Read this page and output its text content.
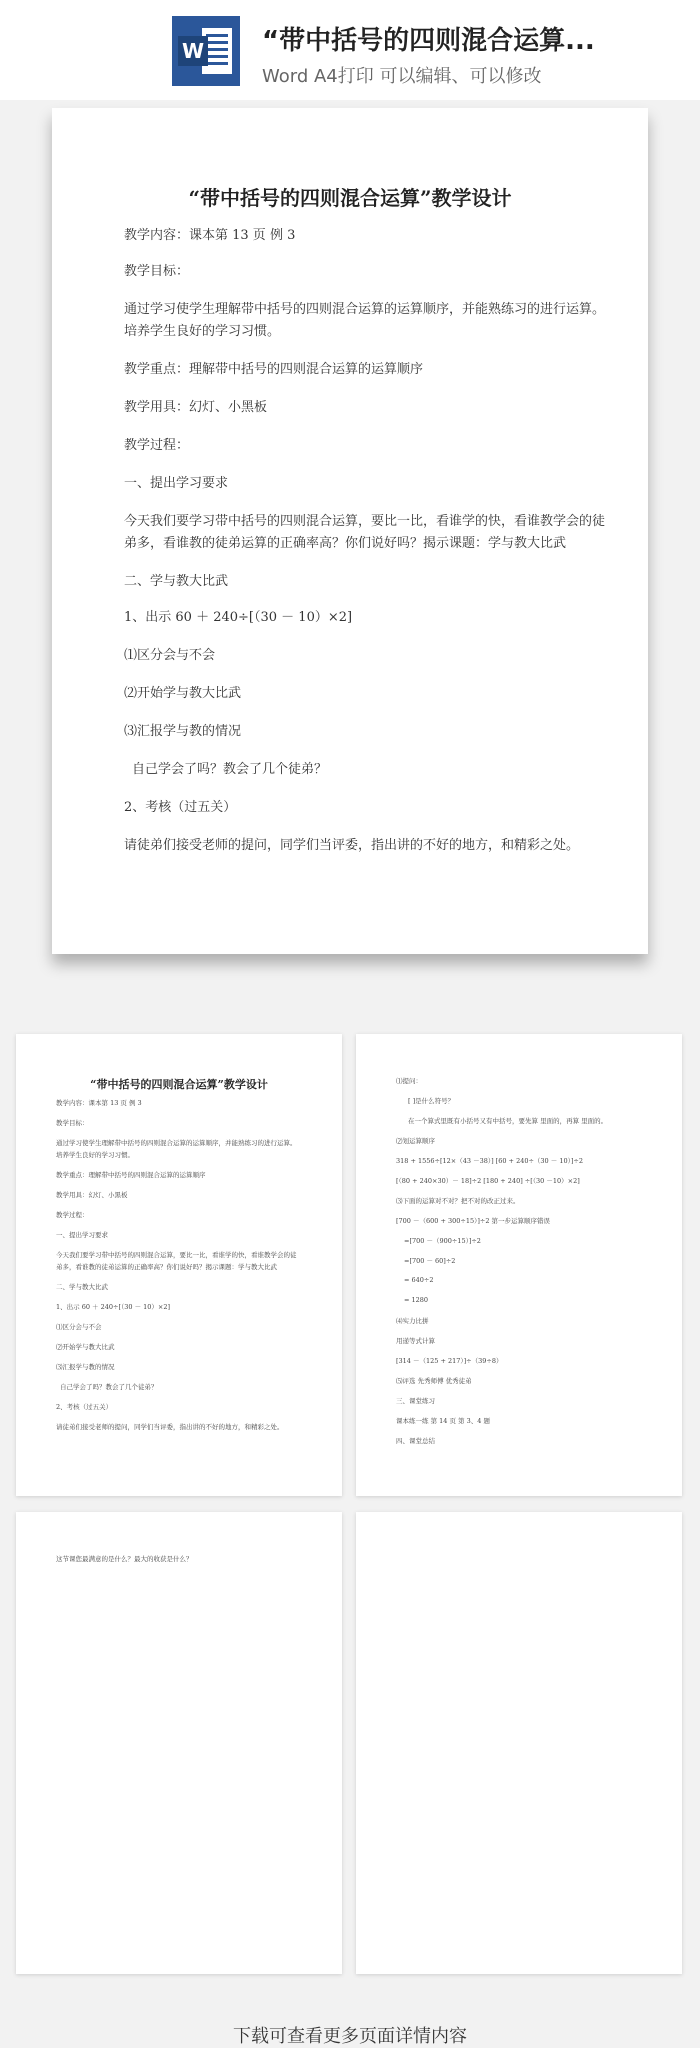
W “带中括号的四则混合运算...
Word A4打印 可以编辑、可以修改
“带中括号的四则混合运算”教学设计

教学内容：课本第 13 页 例 3

教学目标：

通过学习使学生理解带中括号的四则混合运算的运算顺序，并能熟练习的进行运算。

培养学生良好的学习习惯。

教学重点：理解带中括号的四则混合运算的运算顺序

教学用具：幻灯、小黑板

教学过程：

一、提出学习要求

今天我们要学习带中括号的四则混合运算，要比一比，看谁学的快，看谁教学会的徒

弟多，看谁教的徒弟运算的正确率高？你们说好吗？揭示课题：学与教大比武

二、学与教大比武

1、出示 60 ＋ 240÷[（30 － 10）×2]

⑴区分会与不会

⑵开始学与教大比武

⑶汇报学与教的情况

自己学会了吗？教会了几个徒弟？

2、考核（过五关）

请徒弟们接受老师的提问，同学们当评委，指出讲的不好的地方，和精彩之处。

“带中括号的四则混合运算”教学设计

教学内容：课本第 13 页 例 3

教学目标：

通过学习使学生理解带中括号的四则混合运算的运算顺序，并能熟练习的进行运算。

培养学生良好的学习习惯。

教学重点：理解带中括号的四则混合运算的运算顺序

教学用具：幻灯、小黑板

教学过程：

一、提出学习要求

今天我们要学习带中括号的四则混合运算，要比一比，看谁学的快，看谁教学会的徒

弟多，看谁教的徒弟运算的正确率高？你们说好吗？揭示课题：学与教大比武

二、学与教大比武

1、出示 60 ＋ 240÷[（30 － 10）×2]

⑴区分会与不会

⑵开始学与教大比武

⑶汇报学与教的情况

自己学会了吗？教会了几个徒弟？

2、考核（过五关）

请徒弟们接受老师的提问，同学们当评委，指出讲的不好的地方，和精彩之处。

⑴提问：

[ ]是什么符号？

在一个算式里既有小括号又有中括号，要先算 里面的，再算 里面的。

⑵划运算顺序

318 + 1556÷[12×（43 －38）] [60 + 240÷（30 － 10）]÷2

[（80 + 240×30）－ 18]÷2 [180 + 240] ÷[（30 －10）×2]

⑶下面的运算对不对？把不对的改正过来。

[700 －（600 + 300÷15）]÷2 第一步运算顺序错误

=[700 －（900÷15）]÷2

=[700 － 60]÷2

= 640÷2

= 1280

⑷实力比拼

用递等式计算

[314 －（125 + 217）]÷（39÷8）

⑸评选 先秀师傅 优秀徒弟

三、课堂练习

课本练一练 第 14 页 第 3、4 题

四、课堂总结

这节课您最满意的是什么？最大的收获是什么？

下载可查看更多页面详情内容
